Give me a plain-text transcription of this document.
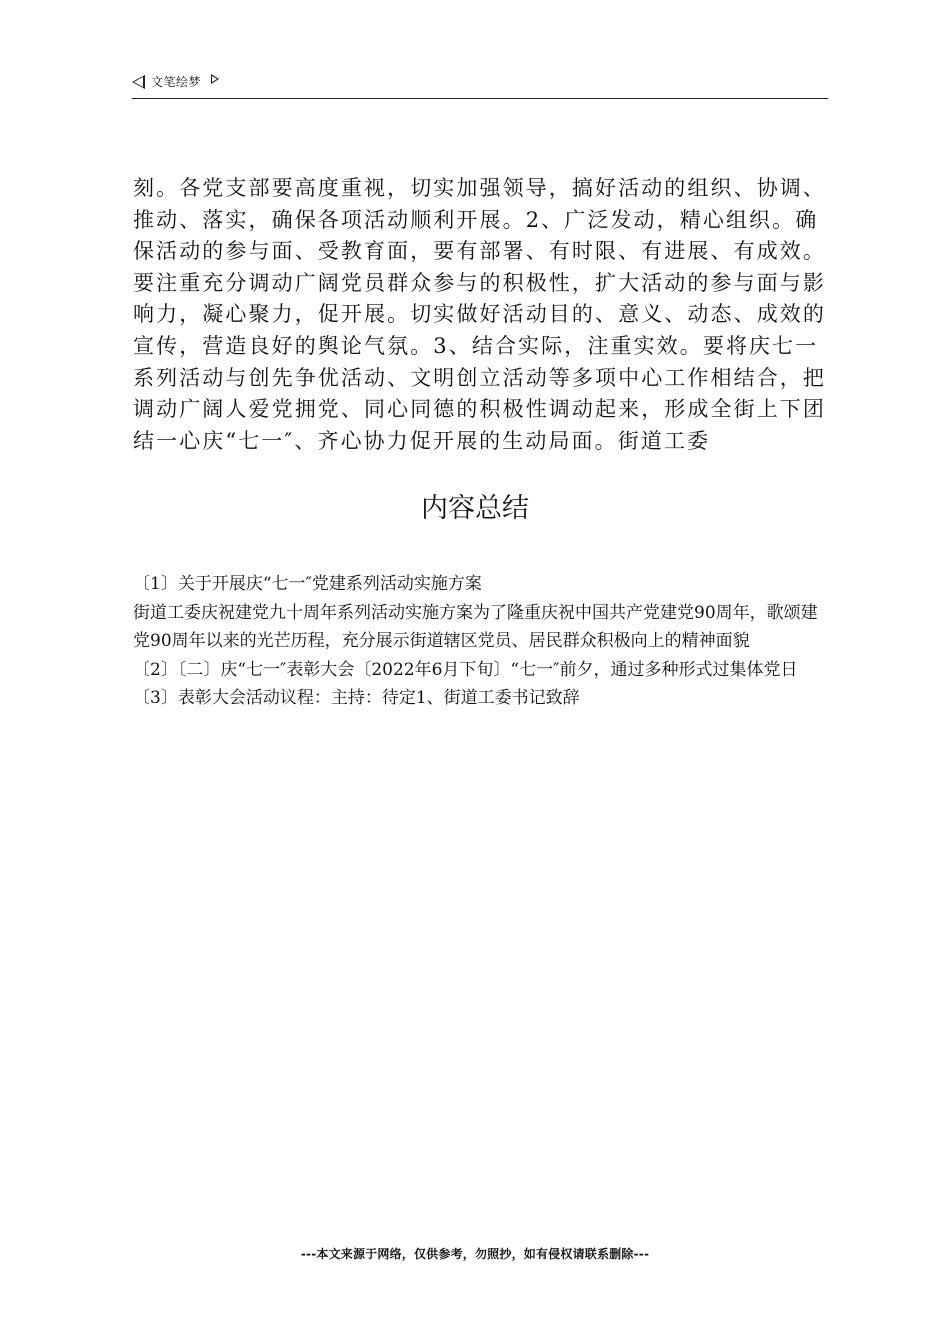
文笔绘梦

刻。各党支部要高度重视，切实加强领导，搞好活动的组织、协调、推动、落实，确保各项活动顺利开展。2、广泛发动，精心组织。确保活动的参与面、受教育面，要有部署、有时限、有进展、有成效。要注重充分调动广阔党员群众参与的积极性，扩大活动的参与面与影响力，凝心聚力，促开展。切实做好活动目的、意义、动态、成效的宣传，营造良好的舆论气氛。3、结合实际，注重实效。要将庆七一系列活动与创先争优活动、文明创立活动等多项中心工作相结合，把调动广阔人爱党拥党、同心同德的积极性调动起来，形成全街上下团结一心庆“七一″、齐心协力促开展的生动局面。街道工委

内容总结

〔1〕关于开展庆“七一″党建系列活动实施方案

街道工委庆祝建党九十周年系列活动实施方案为了隆重庆祝中国共产党建党90周年，歌颂建党90周年以来的光芒历程，充分展示街道辖区党员、居民群众积极向上的精神面貌

〔2〕〔二〕庆“七一″表彰大会〔2022年6月下旬〕“七一″前夕，通过多种形式过集体党日

〔3〕表彰大会活动议程：主持：待定1、街道工委书记致辞

---本文来源于网络，仅供参考，勿照抄，如有侵权请联系删除---
